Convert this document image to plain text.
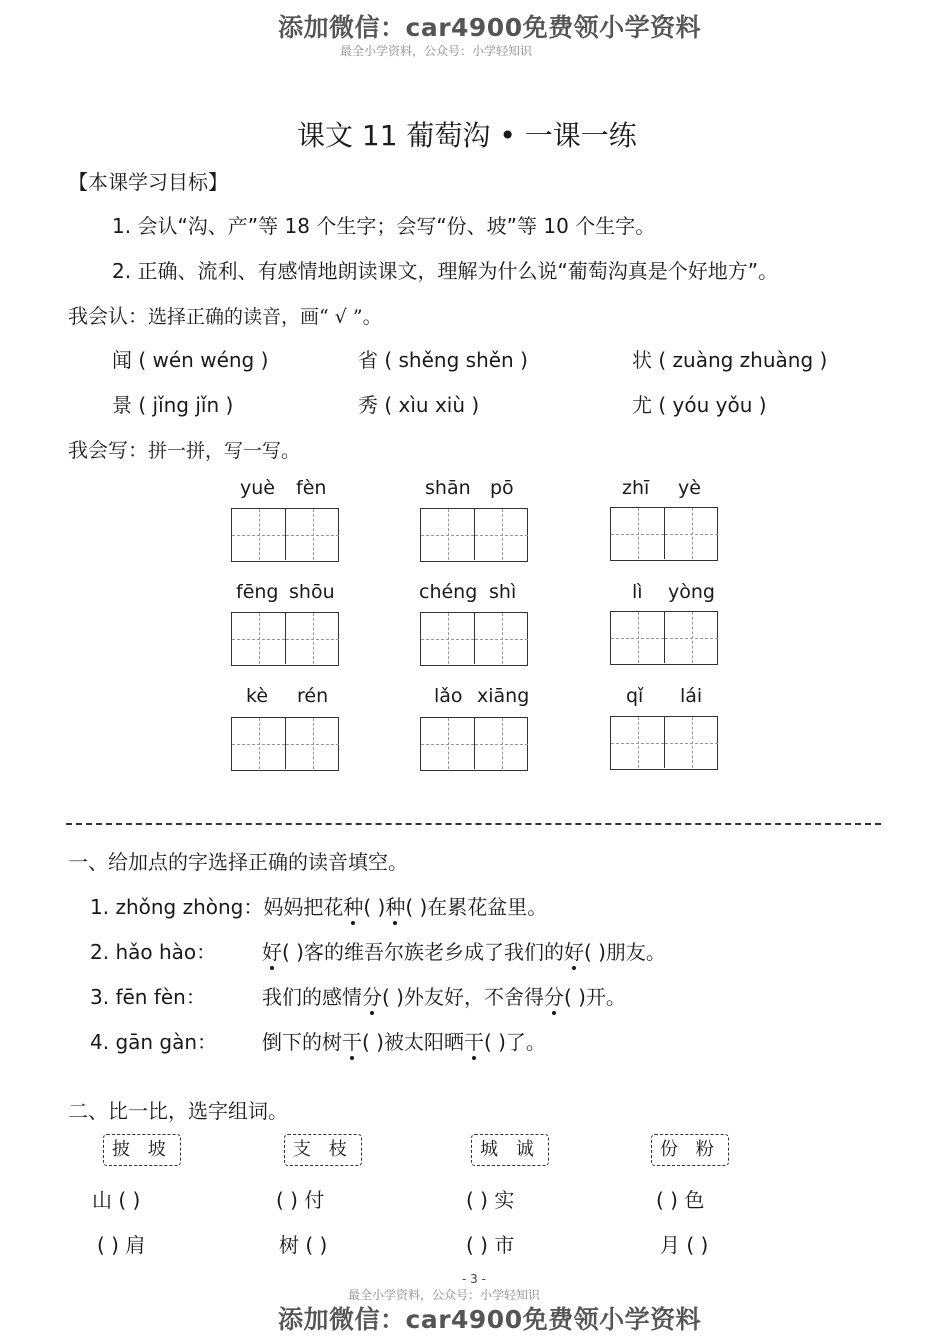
添加微信：car4900免费领小学资料
最全小学资料，公众号：小学轻知识
课文 11 葡萄沟 • 一课一练
【本课学习目标】
1. 会认“沟、产”等 18 个生字；会写“份、坡”等 10 个生字。
2. 正确、流利、有感情地朗读课文，理解为什么说“葡萄沟真是个好地方”。
我会认：选择正确的读音，画“ √ ”。
闻 ( wén wéng )	省 ( shěng shěn )	状 ( zuàng zhuàng )
景 ( jǐng jǐn )	秀 ( xìu xiù )	尤 ( yóu yǒu )
我会写：拼一拼，写一写。
yuè fèn	shān pō	zhī yè
fēng shōu	chéng shì	lì yòng
kè rén	lǎo xiāng	qǐ lái
一、给加点的字选择正确的读音填空。
1. zhǒng zhòng：妈妈把花种( )种( )在累花盆里。
2. hǎo hào： 好( )客的维吾尔族老乡成了我们的好( )朋友。
3. fēn fèn：	我们的感情分( )外友好，不舍得分( )开。
4. gān gàn： 倒下的树干( )被太阳晒干( )了。
二、比一比，选字组词。
披 坡	支 枝	城 诚	份 粉
山 ( )	( ) 付	( ) 实	( ) 色
( ) 肩	树 ( )	( ) 市	月 ( )
- 3 -
最全小学资料，公众号：小学轻知识
添加微信：car4900免费领小学资料
